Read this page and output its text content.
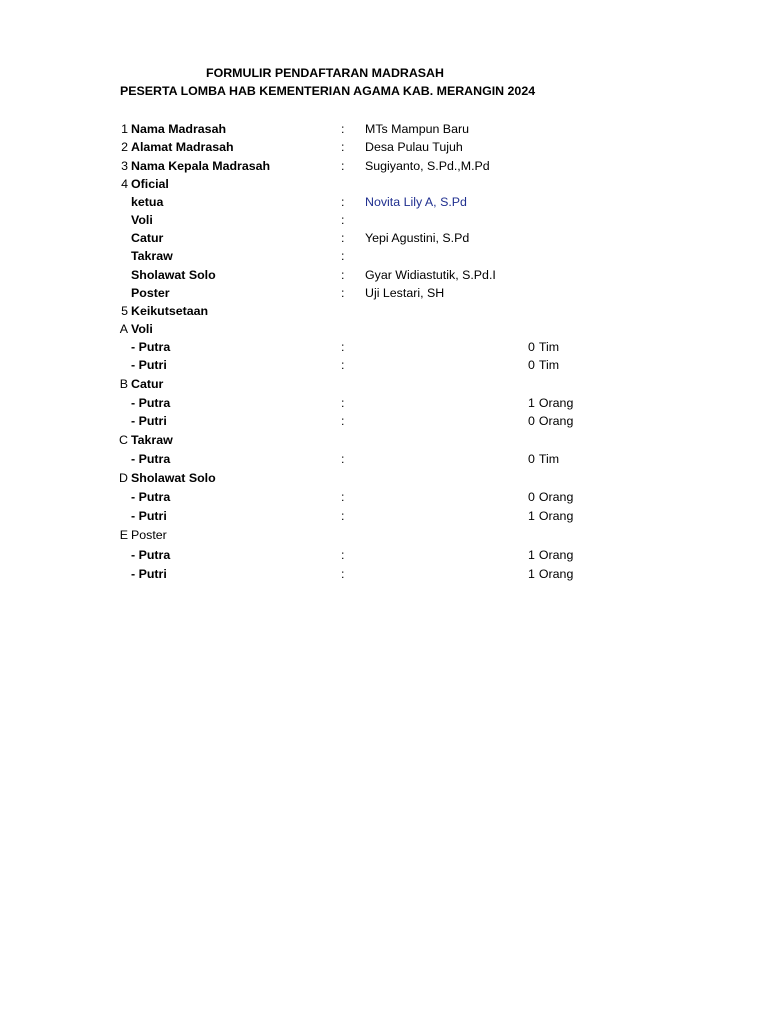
FORMULIR PENDAFTARAN MADRASAH
PESERTA LOMBA HAB KEMENTERIAN AGAMA KAB. MERANGIN 2024
1 Nama Madrasah	: MTs Mampun Baru
2 Alamat Madrasah	: Desa Pulau Tujuh
3 Nama Kepala Madrasah	: Sugiyanto, S.Pd.,M.Pd
4 Oficial
ketua	: Novita Lily A, S.Pd
Voli	:
Catur	: Yepi Agustini, S.Pd
Takraw	:
Sholawat Solo	: Gyar Widiastutik, S.Pd.I
Poster	: Uji Lestari, SH
5 Keikutsetaan
A Voli
- Putra	:	0 Tim
- Putri	:	0 Tim
B Catur
- Putra	:	1 Orang
- Putri	:	0 Orang
C Takraw
- Putra	:	0 Tim
D Sholawat Solo
- Putra	:	0 Orang
- Putri	:	1 Orang
E Poster
- Putra	:	1 Orang
- Putri	:	1 Orang
